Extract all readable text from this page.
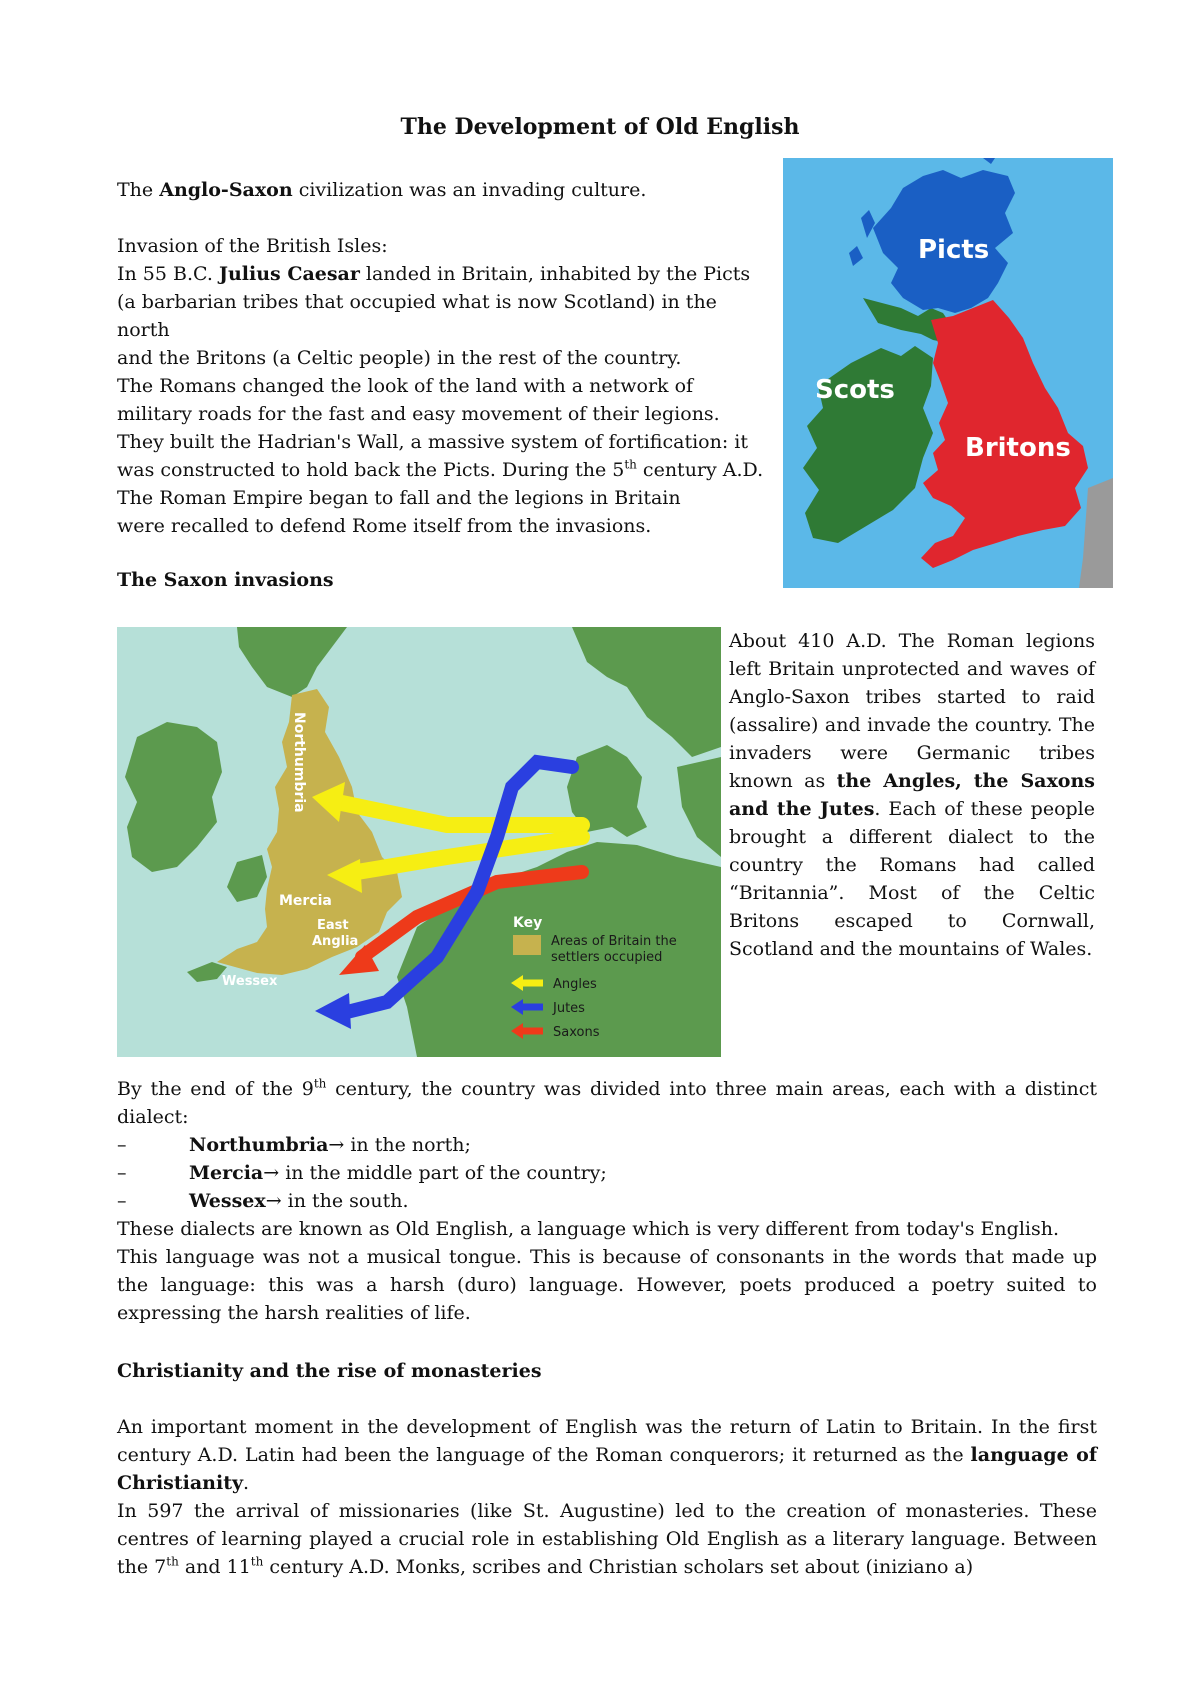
The Development of Old English
The Anglo-Saxon civilization was an invading culture.
Invasion of the British Isles:
In 55 B.C. Julius Caesar landed in Britain, inhabited by the Picts
(a barbarian tribes that occupied what is now Scotland) in the north
and the Britons (a Celtic people) in the rest of the country.
The Romans changed the look of the land with a network of
military roads for the fast and easy movement of their legions.
They built the Hadrian's Wall, a massive system of fortification: it
was constructed to hold back the Picts. During the 5th century A.D.
The Roman Empire began to fall and the legions in Britain
were recalled to defend Rome itself from the invasions.
Picts
Scots
Britons
The Saxon invasions
Northumbria
Mercia
East
Anglia
Wessex
Key
Areas of Britain the
settlers occupied
Angles
Jutes
Saxons
About 410 A.D. The Roman legions left Britain unprotected and waves of Anglo-Saxon tribes started to raid (assalire) and invade the country. The invaders were Germanic tribes known as the Angles, the Saxons and the Jutes. Each of these people brought a different dialect to the country the Romans had called “Britannia”. Most of the Celtic Britons escaped to Cornwall, Scotland and the mountains of Wales.
By the end of the 9th century, the country was divided into three main areas, each with a distinct dialect:
–	Northumbria → in the north;
–	Mercia → in the middle part of the country;
–	Wessex → in the south.
These dialects are known as Old English, a language which is very different from today's English.
This language was not a musical tongue. This is because of consonants in the words that made up the language: this was a harsh (duro) language. However, poets produced a poetry suited to expressing the harsh realities of life.
Christianity and the rise of monasteries
An important moment in the development of English was the return of Latin to Britain. In the first century A.D. Latin had been the language of the Roman conquerors; it returned as the language of Christianity.
In 597 the arrival of missionaries (like St. Augustine) led to the creation of monasteries. These centres of learning played a crucial role in establishing Old English as a literary language. Between the 7th and 11th century A.D. Monks, scribes and Christian scholars set about (iniziano a)
